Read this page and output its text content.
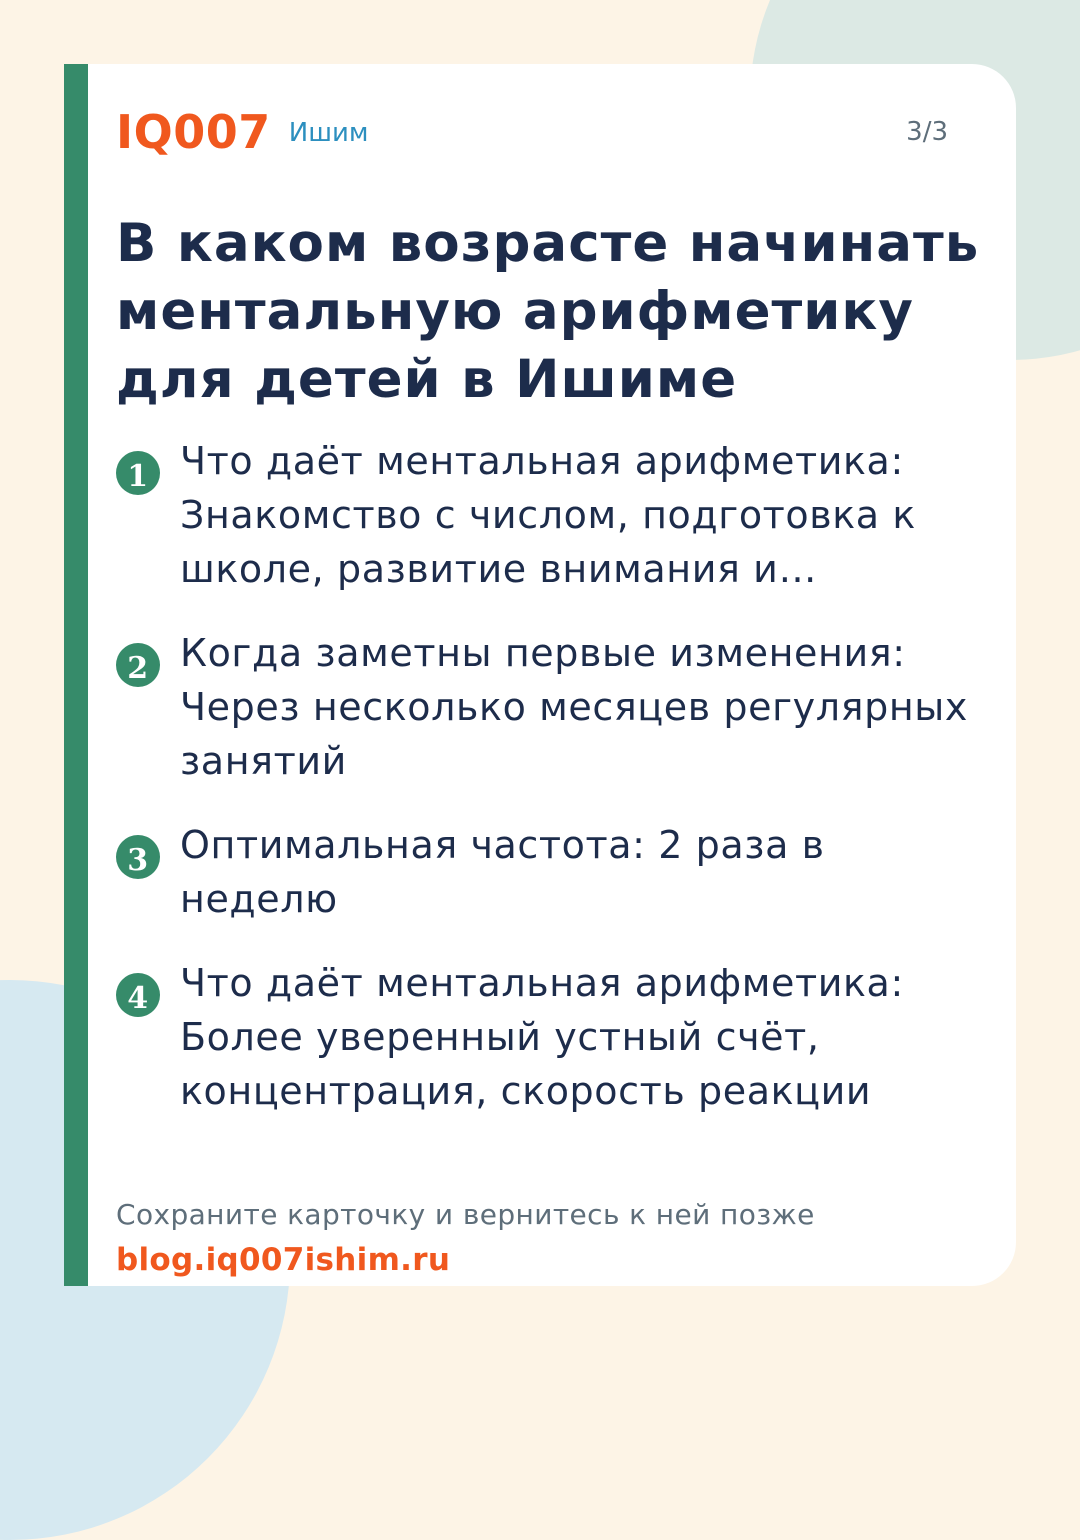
IQ007 Ишим	3/3
В каком возрасте начинать ментальную арифметику для детей в Ишиме
1 Что даёт ментальная арифметика: Знакомство с числом, подготовка к школе, развитие внимания и…
2 Когда заметны первые изменения: Через несколько месяцев регулярных занятий
3 Оптимальная частота: 2 раза в неделю
4 Что даёт ментальная арифметика: Более уверенный устный счёт, концентрация, скорость реакции
Сохраните карточку и вернитесь к ней позже
blog.iq007ishim.ru
